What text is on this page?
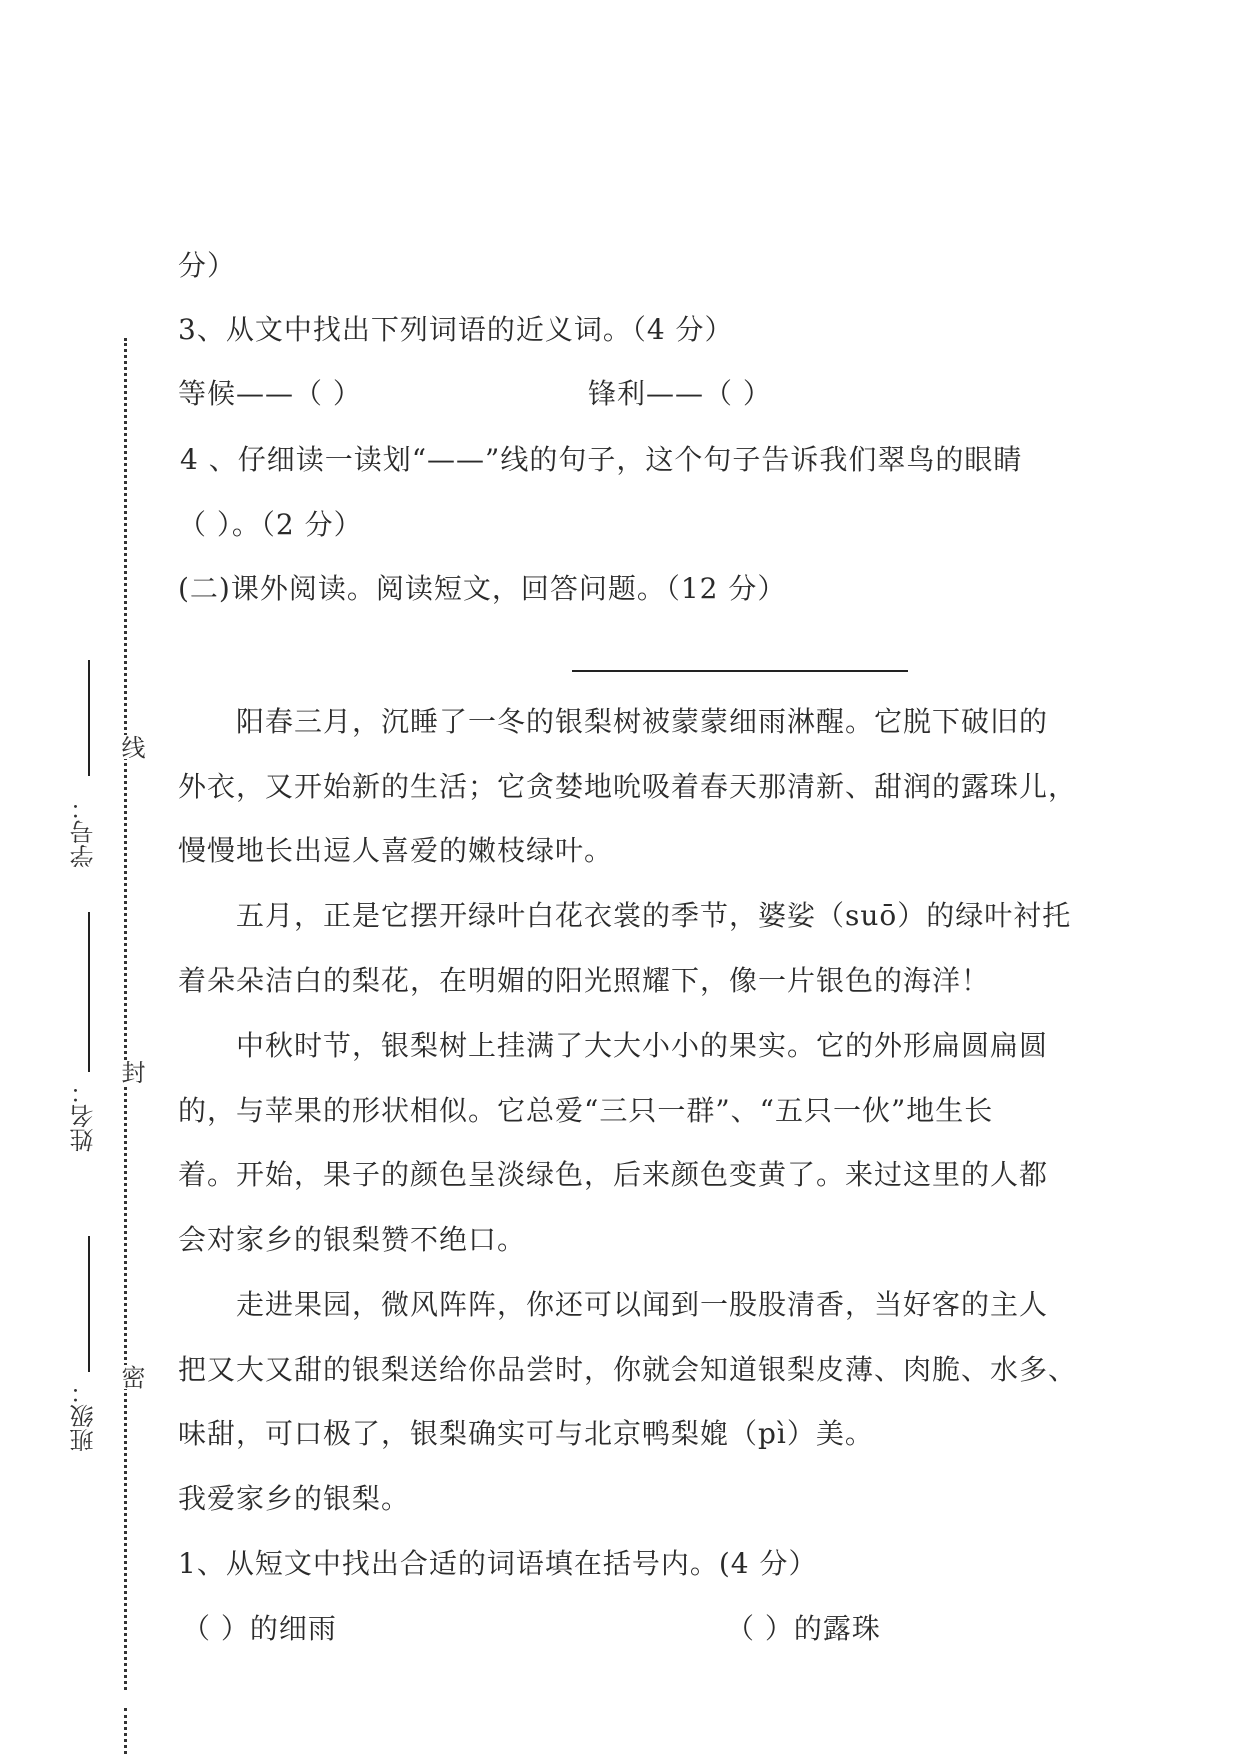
线
封
密
学号：
姓名：
班级：
分）
3、从文中找出下列词语的近义词。（4 分）
等候——（ ）	锋利——（ ）
4 、仔细读一读划“——”线的句子，这个句子告诉我们翠鸟的眼睛
（ ）。（2 分）
(二)课外阅读。阅读短文，回答问题。（12 分）
阳春三月，沉睡了一冬的银梨树被蒙蒙细雨淋醒。它脱下破旧的
外衣，又开始新的生活；它贪婪地吮吸着春天那清新、甜润的露珠儿，
慢慢地长出逗人喜爱的嫩枝绿叶。
五月，正是它摆开绿叶白花衣裳的季节，婆娑（suō）的绿叶衬托
着朵朵洁白的梨花，在明媚的阳光照耀下，像一片银色的海洋！
中秋时节，银梨树上挂满了大大小小的果实。它的外形扁圆扁圆
的，与苹果的形状相似。它总爱“三只一群”、“五只一伙”地生长
着。开始，果子的颜色呈淡绿色，后来颜色变黄了。来过这里的人都
会对家乡的银梨赞不绝口。
走进果园，微风阵阵，你还可以闻到一股股清香，当好客的主人
把又大又甜的银梨送给你品尝时，你就会知道银梨皮薄、肉脆、水多、
味甜，可口极了，银梨确实可与北京鸭梨媲（pì）美。
我爱家乡的银梨。
1、从短文中找出合适的词语填在括号内。(4 分）
（ ）的细雨	（ ）的露珠
